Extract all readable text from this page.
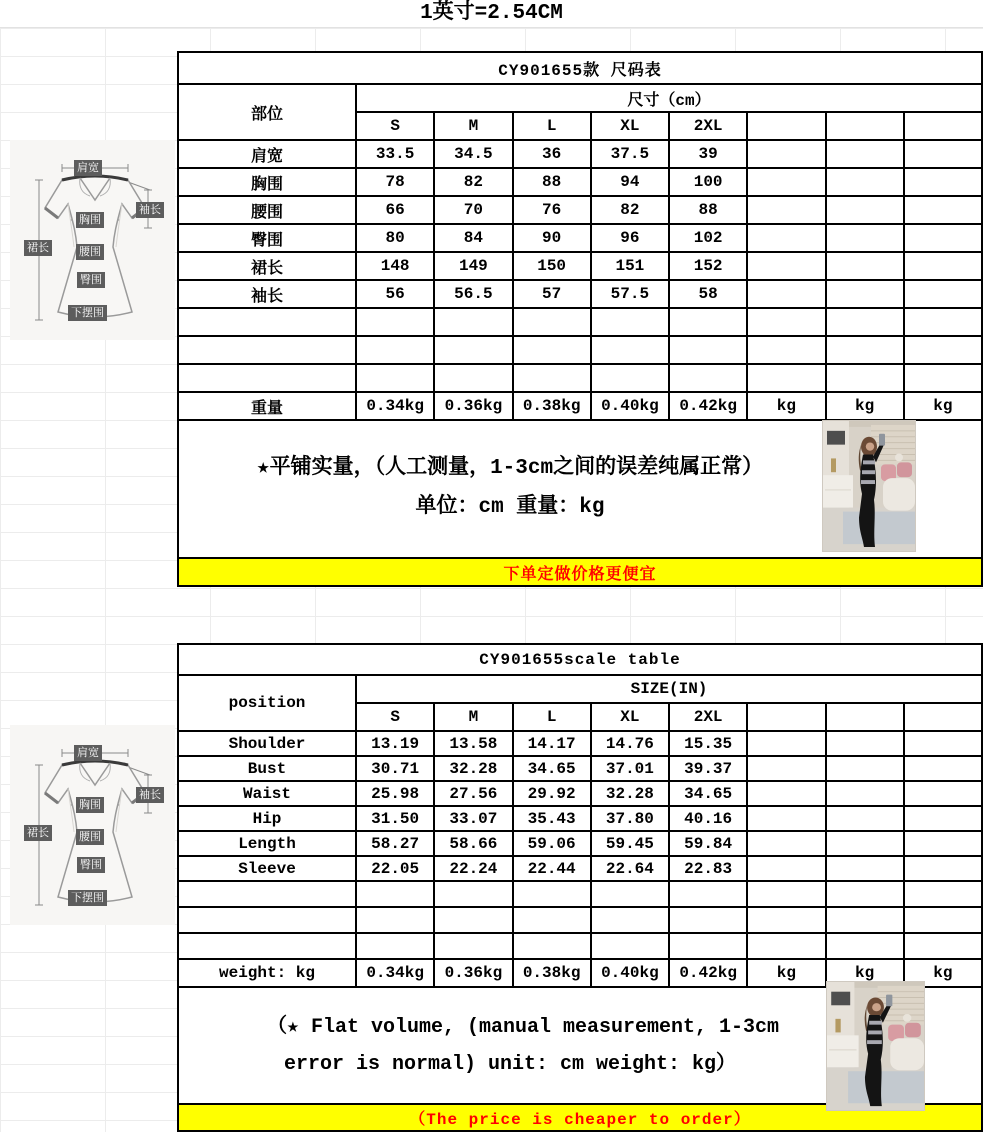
1英寸=2.54CM
CY901655款 尺码表								
部位	尺寸（cm）							
	S	M	L	XL	2XL			
肩宽	33.5	34.5	36	37.5	39			
胸围	78	82	88	94	100			
腰围	66	70	76	82	88			
臀围	80	84	90	96	102			
裙长	148	149	150	151	152			
袖长	56	56.5	57	57.5	58			

重量	0.34kg	0.36kg	0.38kg	0.40kg	0.42kg	kg	kg	kg

★平铺实量，（人工测量，1-3cm之间的误差纯属正常）
单位：cm 重量：kg								

下单定做价格更便宜								
CY901655scale table								
position	SIZE(IN)							
	S	M	L	XL	2XL			
Shoulder	13.19	13.58	14.17	14.76	15.35			
Bust	30.71	32.28	34.65	37.01	39.37			
Waist	25.98	27.56	29.92	32.28	34.65			
Hip	31.50	33.07	35.43	37.80	40.16			
Length	58.27	58.66	59.06	59.45	59.84			
Sleeve	22.05	22.24	22.44	22.64	22.83			

weight: kg	0.34kg	0.36kg	0.38kg	0.40kg	0.42kg	kg	kg	kg

（★ Flat volume, (manual measurement, 1-3cm
error is normal) unit: cm weight: kg）								

（The price is cheaper to order）								
肩宽
袖长
胸围
裙长	腰围
臀围
下摆围
肩宽
袖长
胸围
裙长	腰围
臀围
下摆围
